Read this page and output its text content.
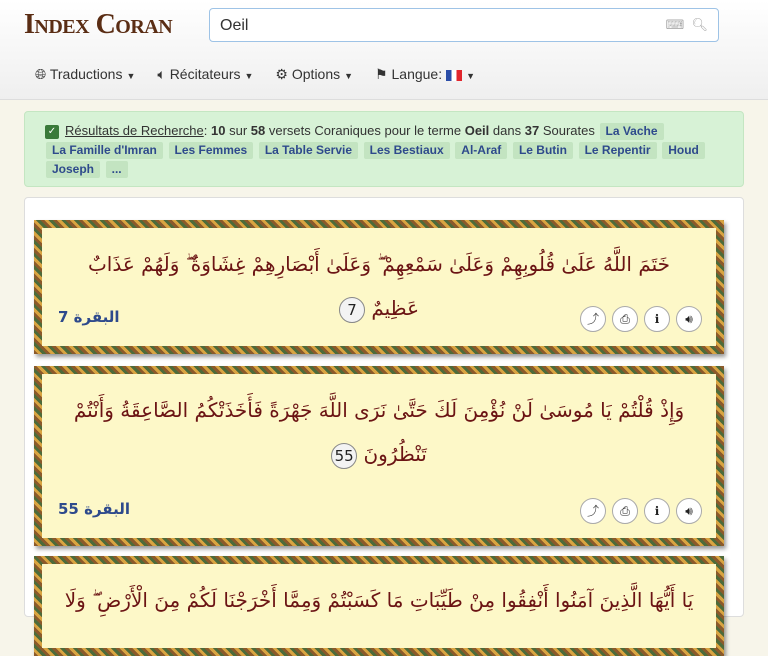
Index Coran	Oeil	⌨ 🔍︎
🌐︎ Traductions ▼ 🔈︎ Récitateurs ▼ ⚙ Options ▼ ⚑ Langue:	▼
✓ Résultats de Recherche: 10 sur 58 versets Coraniques pour le terme Oeil dans 37 Sourates La Vache La Famille d'Imran Les Femmes La Table Servie Les Bestiaux Al-Araf Le Butin Le Repentir Houd Joseph ...
خَتَمَ اللَّهُ عَلَىٰ قُلُوبِهِمْ وَعَلَىٰ سَمْعِهِمْ ۖ وَعَلَىٰ أَبْصَارِهِمْ غِشَاوَةٌ ۖ وَلَهُمْ عَذَابٌ عَظِيمٌ 7
البقرة 7	⤴	⎙	ℹ	🔊︎
وَإِذْ قُلْتُمْ يَا مُوسَىٰ لَنْ نُؤْمِنَ لَكَ حَتَّىٰ نَرَى اللَّهَ جَهْرَةً فَأَخَذَتْكُمُ الصَّاعِقَةُ وَأَنْتُمْ تَنْظُرُونَ 55
البقرة 55	⤴	⎙	ℹ	🔊︎
يَا أَيُّهَا الَّذِينَ آمَنُوا أَنْفِقُوا مِنْ طَيِّبَاتِ مَا كَسَبْتُمْ وَمِمَّا أَخْرَجْنَا لَكُمْ مِنَ الْأَرْضِ ۖ وَلَا
